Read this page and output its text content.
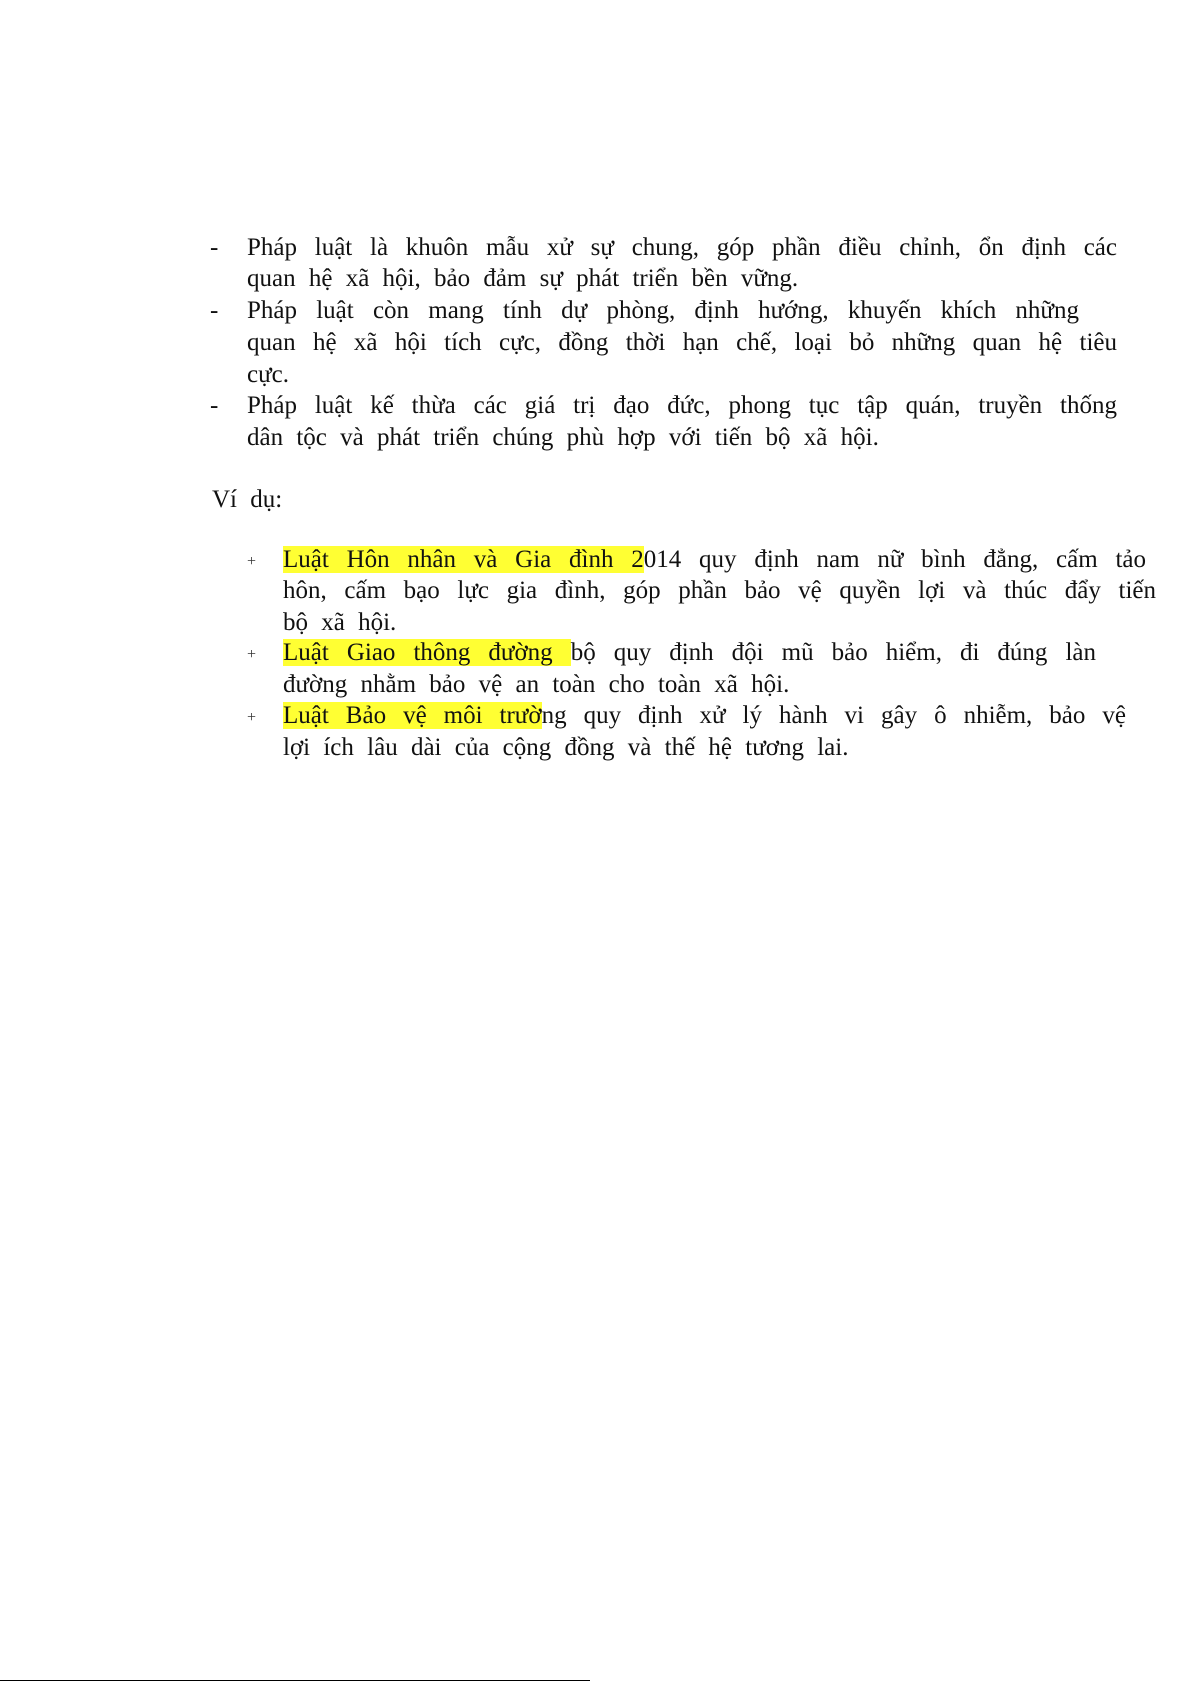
- Pháp luật là khuôn mẫu xử sự chung, góp phần điều chỉnh, ổn định các
quan hệ xã hội, bảo đảm sự phát triển bền vững.
- Pháp luật còn mang tính dự phòng, định hướng, khuyến khích những
quan hệ xã hội tích cực, đồng thời hạn chế, loại bỏ những quan hệ tiêu
cực.
- Pháp luật kế thừa các giá trị đạo đức, phong tục tập quán, truyền thống
dân tộc và phát triển chúng phù hợp với tiến bộ xã hội.
Ví dụ:
+ Luật Hôn nhân và Gia đình 2014 quy định nam nữ bình đẳng, cấm tảo
hôn, cấm bạo lực gia đình, góp phần bảo vệ quyền lợi và thúc đẩy tiến
bộ xã hội.
+ Luật Giao thông đường bộ quy định đội mũ bảo hiểm, đi đúng làn
đường nhằm bảo vệ an toàn cho toàn xã hội.
+ Luật Bảo vệ môi trường quy định xử lý hành vi gây ô nhiễm, bảo vệ
lợi ích lâu dài của cộng đồng và thế hệ tương lai.
